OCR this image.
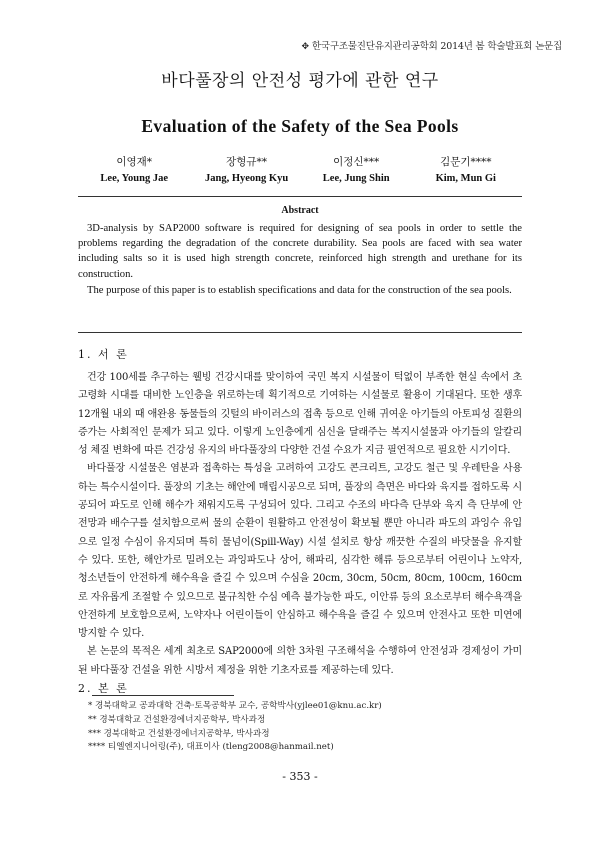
✥ 한국구조물진단유지관리공학회 2014년 봄 학술발표회 논문집
바다풀장의 안전성 평가에 관한 연구
Evaluation of the Safety of the Sea Pools
이영재*	장형규**	이정신***	김문기****
Lee, Young Jae	Jang, Hyeong Kyu	Lee, Jung Shin	Kim, Mun Gi
Abstract

3D-analysis by SAP2000 software is required for designing of sea pools in order to settle the problems regarding the degradation of the concrete durability. Sea pools are faced with sea water including salts so it is used high strength concrete, reinforced high strength and urethane for its construction.

The purpose of this paper is to establish specifications and data for the construction of the sea pools.

1. 서 론

건강 100세를 추구하는 웰빙 건강시대를 맞이하여 국민 복지 시설물이 턱없이 부족한 현실 속에서 초 고령화 시대를 대비한 노인층을 위로하는데 획기적으로 기여하는 시설물로 활용이 기대된다. 또한 생후 12개월 내외 때 애완용 동물들의 깃털의 바이러스의 접촉 등으로 인해 귀여운 아기들의 아토피성 질환의 증가는 사회적인 문제가 되고 있다. 이렇게 노인층에게 심신을 달래주는 복지시설물과 아기들의 알칼리성 체질 변화에 따른 건강성 유지의 바다풀장의 다양한 건설 수요가 지금 필연적으로 필요한 시기이다.

바다풀장 시설물은 염분과 접촉하는 특성을 고려하여 고강도 콘크리트, 고강도 철근 및 우레탄을 사용하는 특수시설이다. 풀장의 기초는 해안에 매립시공으로 되며, 풀장의 측면은 바다와 육지를 접하도록 시공되어 파도로 인해 해수가 채워지도록 구성되어 있다. 그리고 수조의 바다측 단부와 육지 측 단부에 안전망과 배수구를 설치함으로써 물의 순환이 원활하고 안전성이 확보될 뿐만 아니라 파도의 과잉수 유입으로 일정 수심이 유지되며 특히 물넘이(Spill-Way) 시설 설치로 항상 깨끗한 수질의 바닷물을 유지할 수 있다. 또한, 해안가로 밀려오는 과잉파도나 상어, 해파리, 심각한 해류 등으로부터 어린이나 노약자, 청소년들이 안전하게 해수욕을 즐길 수 있으며 수심을 20cm, 30cm, 50cm, 80cm, 100cm, 160cm로 자유롭게 조절할 수 있으므로 불규칙한 수심 예측 불가능한 파도, 이안류 등의 요소로부터 해수욕객을 안전하게 보호함으로써, 노약자나 어린이들이 안심하고 해수욕을 즐길 수 있으며 안전사고 또한 미연에 방지할 수 있다.

본 논문의 목적은 세계 최초로 SAP2000에 의한 3차원 구조해석을 수행하여 안전성과 경제성이 가미된 바다풀장 건설을 위한 시방서 제정을 위한 기초자료를 제공하는데 있다.

2. 본 론
* 경북대학교 공과대학 건축·토목공학부 교수, 공학박사(yjlee01@knu.ac.kr)
** 경북대학교 건설환경에너지공학부, 박사과정
*** 경북대학교 건설환경에너지공학부, 박사과정
**** 티엘엔지니어링(주), 대표이사 (tleng2008@hanmail.net)
- 353 -
